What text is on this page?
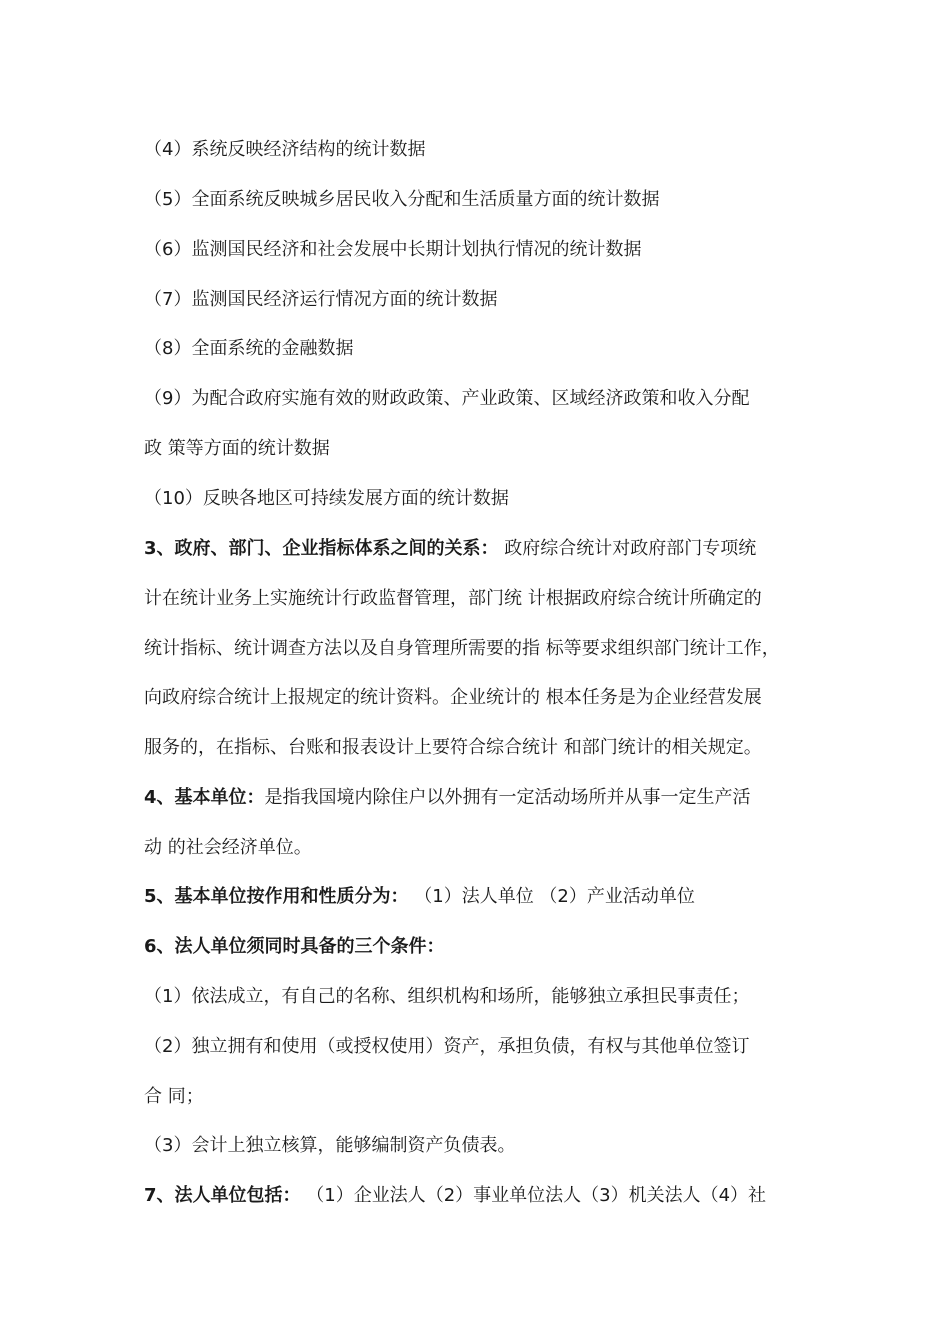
（4）系统反映经济结构的统计数据
（5）全面系统反映城乡居民收入分配和生活质量方面的统计数据
（6）监测国民经济和社会发展中长期计划执行情况的统计数据
（7）监测国民经济运行情况方面的统计数据
（8）全面系统的金融数据
（9）为配合政府实施有效的财政政策、产业政策、区域经济政策和收入分配
政 策等方面的统计数据
（10）反映各地区可持续发展方面的统计数据
3、政府、部门、企业指标体系之间的关系： 政府综合统计对政府部门专项统
计在统计业务上实施统计行政监督管理，部门统 计根据政府综合统计所确定的
统计指标、统计调查方法以及自身管理所需要的指 标等要求组织部门统计工作，
向政府综合统计上报规定的统计资料。企业统计的 根本任务是为企业经营发展
服务的，在指标、台账和报表设计上要符合综合统计 和部门统计的相关规定。
4、基本单位：是指我国境内除住户以外拥有一定活动场所并从事一定生产活
动 的社会经济单位。
5、基本单位按作用和性质分为： （1）法人单位 （2）产业活动单位
6、法人单位须同时具备的三个条件：
（1）依法成立，有自己的名称、组织机构和场所，能够独立承担民事责任；
（2）独立拥有和使用（或授权使用）资产，承担负债，有权与其他单位签订
合 同；
（3）会计上独立核算，能够编制资产负债表。
7、法人单位包括： （1）企业法人（2）事业单位法人（3）机关法人（4）社
